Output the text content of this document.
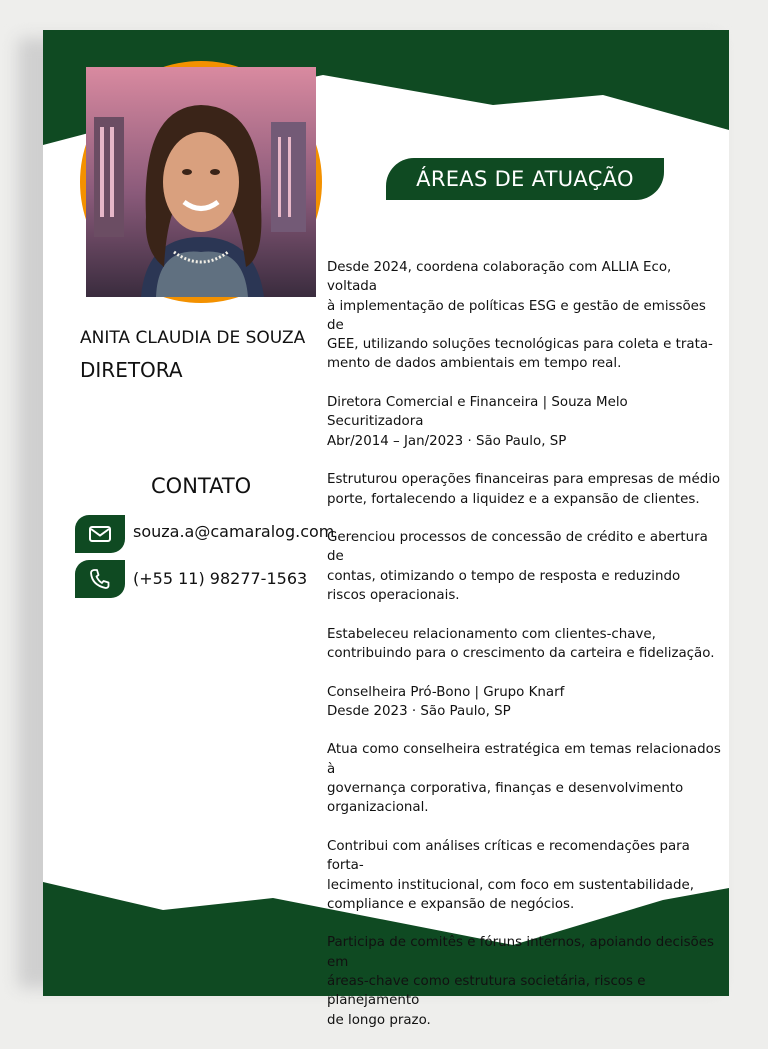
ÁREAS DE ATUAÇÃO
ANITA CLAUDIA DE SOUZA
DIRETORA
CONTATO
souza.a@camaralog.com
(+55 11) 98277-1563

Desde 2024, coordena colaboração com ALLIA Eco, voltada
à implementação de políticas ESG e gestão de emissões de
GEE, utilizando soluções tecnológicas para coleta e trata-
mento de dados ambientais em tempo real.

Diretora Comercial e Financeira | Souza Melo Securitizadora
Abr/2014 – Jan/2023 · São Paulo, SP

Estruturou operações financeiras para empresas de médio
porte, fortalecendo a liquidez e a expansão de clientes.

Gerenciou processos de concessão de crédito e abertura de
contas, otimizando o tempo de resposta e reduzindo
riscos operacionais.

Estabeleceu relacionamento com clientes-chave,
contribuindo para o crescimento da carteira e fidelização.

Conselheira Pró-Bono | Grupo Knarf
Desde 2023 · São Paulo, SP

Atua como conselheira estratégica em temas relacionados à
governança corporativa, finanças e desenvolvimento
organizacional.

Contribui com análises críticas e recomendações para forta-
lecimento institucional, com foco em sustentabilidade,
compliance e expansão de negócios.

Participa de comitês e fóruns internos, apoiando decisões em
áreas-chave como estrutura societária, riscos e planejamento
de longo prazo.
